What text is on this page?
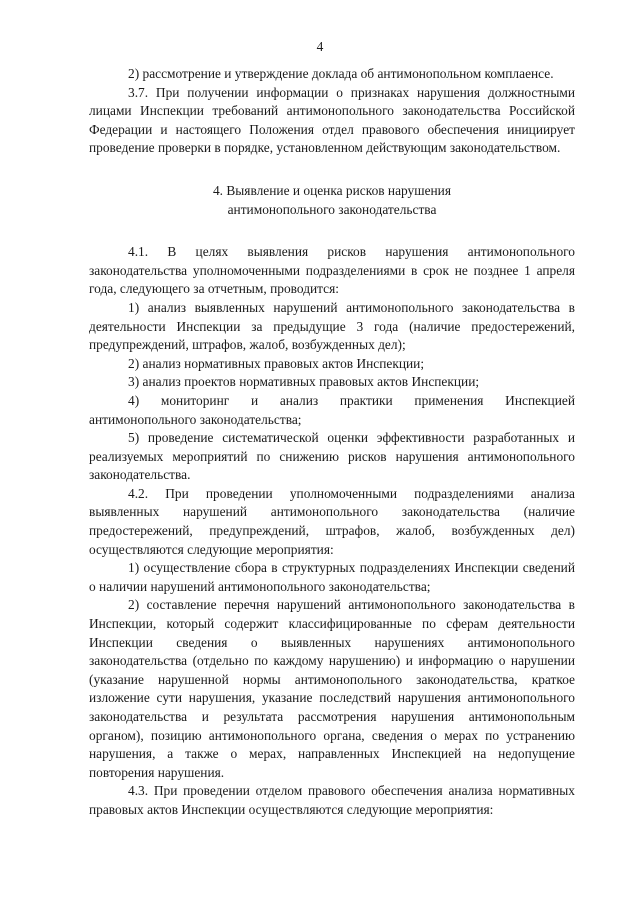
4

2) рассмотрение и утверждение доклада об антимонопольном комплаенсе.

3.7. При получении информации о признаках нарушения должностными лицами Инспекции требований антимонопольного законодательства Российской Федерации и настоящего Положения отдел правового обеспечения инициирует проведение проверки в порядке, установленном действующим законодательством.

4. Выявление и оценка рисков нарушения
антимонопольного законодательства

4.1. В целях выявления рисков нарушения антимонопольного законодательства уполномоченными подразделениями в срок не позднее 1 апреля года, следующего за отчетным, проводится:

1) анализ выявленных нарушений антимонопольного законодательства в деятельности Инспекции за предыдущие 3 года (наличие предостережений, предупреждений, штрафов, жалоб, возбужденных дел);

2) анализ нормативных правовых актов Инспекции;

3) анализ проектов нормативных правовых актов Инспекции;

4) мониторинг и анализ практики применения Инспекцией антимонопольного законодательства;

5) проведение систематической оценки эффективности разработанных и реализуемых мероприятий по снижению рисков нарушения антимонопольного законодательства.

4.2. При проведении уполномоченными подразделениями анализа выявленных нарушений антимонопольного законодательства (наличие предостережений, предупреждений, штрафов, жалоб, возбужденных дел) осуществляются следующие мероприятия:

1) осуществление сбора в структурных подразделениях Инспекции сведений о наличии нарушений антимонопольного законодательства;

2) составление перечня нарушений антимонопольного законодательства в Инспекции, который содержит классифицированные по сферам деятельности Инспекции сведения о выявленных нарушениях антимонопольного законодательства (отдельно по каждому нарушению) и информацию о нарушении (указание нарушенной нормы антимонопольного законодательства, краткое изложение сути нарушения, указание последствий нарушения антимонопольного законодательства и результата рассмотрения нарушения антимонопольным органом), позицию антимонопольного органа, сведения о мерах по устранению нарушения, а также о мерах, направленных Инспекцией на недопущение повторения нарушения.

4.3. При проведении отделом правового обеспечения анализа нормативных правовых актов Инспекции осуществляются следующие мероприятия:
